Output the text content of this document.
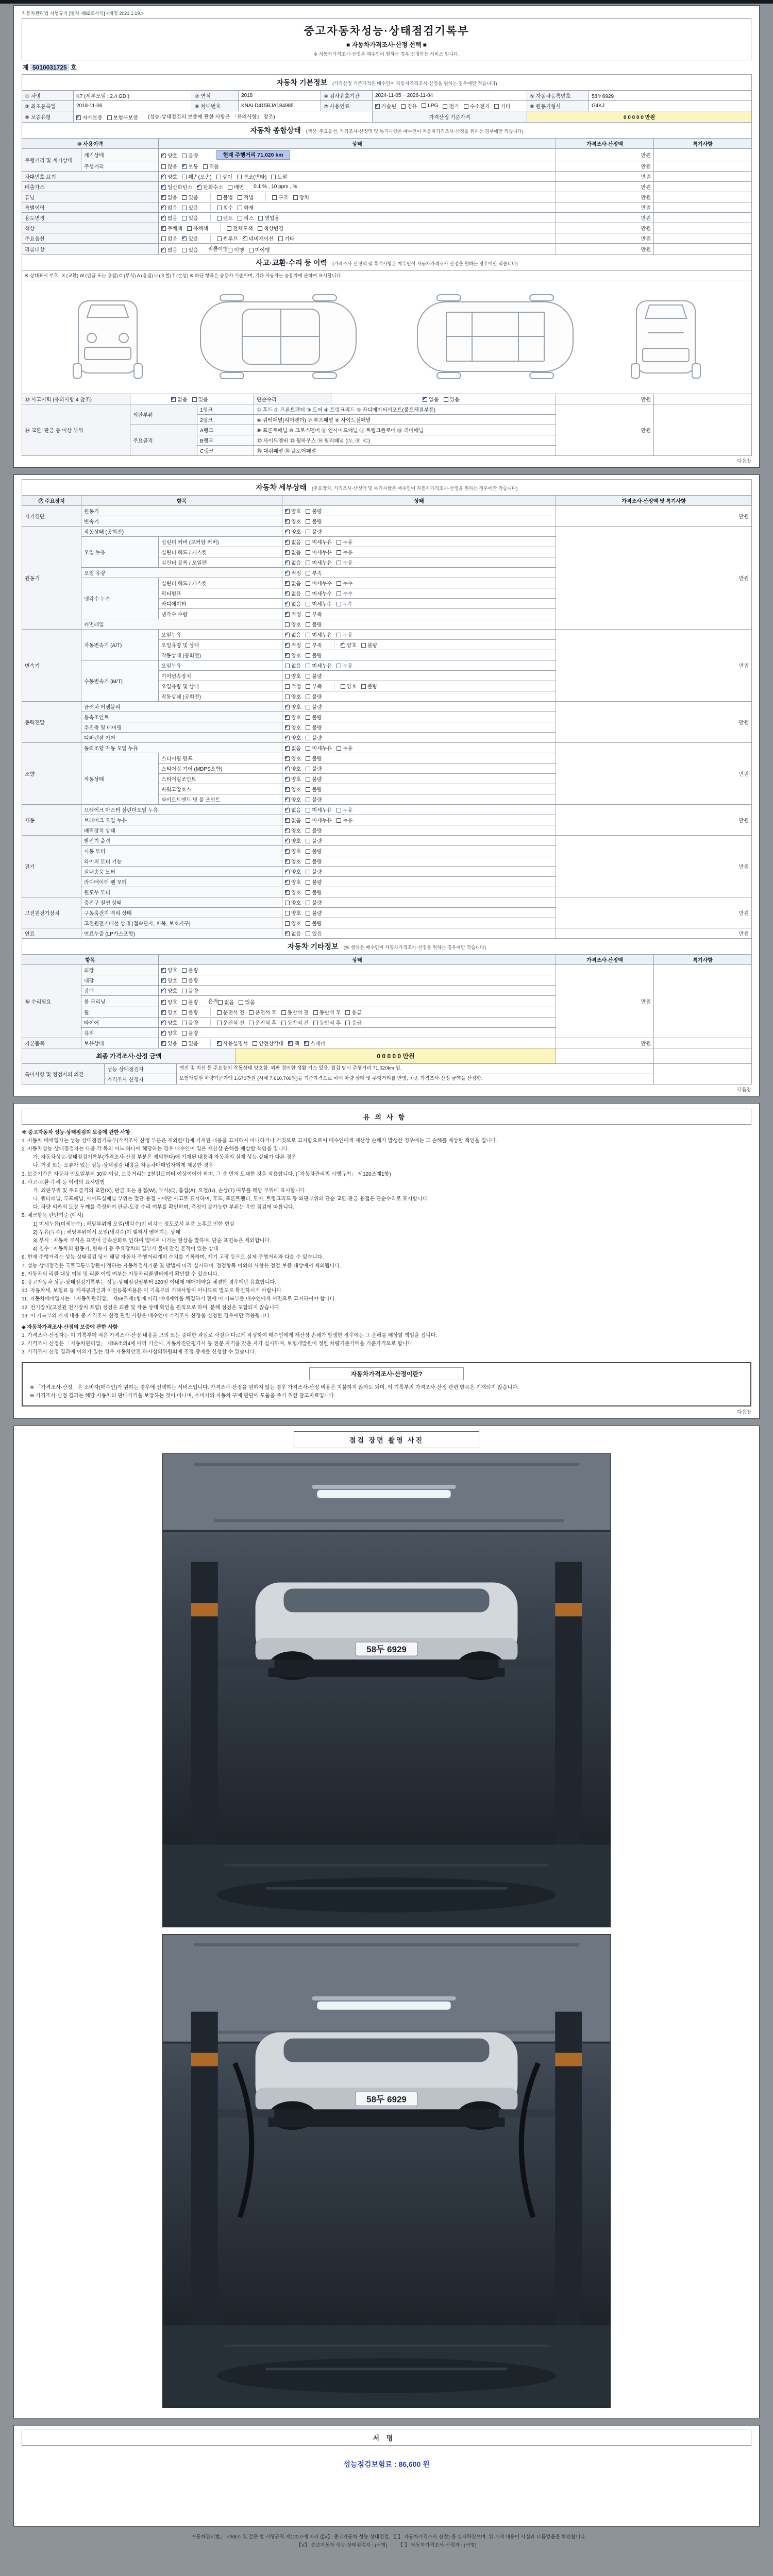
자동차관리법 시행규칙 [별지 제82호서식] <개정 2021.1.19.>
중고자동차성능·상태점검기록부
■ 자동차가격조사·산정 선택 ■
※ 자동차가격조사·산정은 매수인이 원하는 경우 신청하는 서비스 입니다.
제 5010031725 호
자동차 기본정보 (가격산정 기준가격은 매수인이 자동차가격조사·산정을 원하는 경우에만 적습니다)							
① 차명	K7 (세부모델 : 2.4 GDI)	② 연식	2018	④ 검사유효기간	2024-11-05 ~ 2026-11-04	⑤ 자동차등록번호	58두6929
③ 최초등록일	2018-11-06	⑥ 차대번호	KNALD415BJA184985	⑦ 사용연료	✔가솔린 경유 LPG 전기 수소전기 기타	⑧ 원동기형식	G4KJ
⑨ 보증유형	✔자가보증 보험사보증 (성능·상태점검의 보증에 관한 사항은 「유의사항」 참조)				가격산정 기준가격	0 0 0 0 0 만원	
자동차 종합상태 (색상, 주요옵션, 가격조사·산정액 및 특기사항은 매수인이 자동차가격조사·산정을 원하는 경우에만 적습니다)				
⑩ 사용이력		상태	가격조사·산정액	특기사항
주행거리 및 계기상태	계기상태	✔양호 불량 현재 주행거리 71,020 km	만원	
	주행거리	많음 ✔ 보통 적음	만원	
차대번호 표기	✔양호 훼손(오손) 상이 변조(변타) 도말	만원	
배출가스	✔일산화탄소 ✔ 탄화수소 매연 0.1 % , 10 ppm , %	만원	
튜닝	✔없음 있음 불법 적법 구조 장치	만원	
특별이력	✔없음 있음 침수 화재	만원	
용도변경	✔없음 있음 렌트 리스 영업용	만원	
색상	✔무채색 유채색 전체도색 색상변경	만원	
주요옵션		없음 ✔ 있음 썬루프 ✔ 네비게이션 기타	만원	
리콜대상	✔없음 있음 리콜이행 이행 미이행	만원	
사고·교환·수리 등 이력 (가격조사·산정액 및 특기사항은 매수인이 자동차가격조사·산정을 원하는 경우에만 적습니다)
※ 상태표시 부호 : X (교환) W (판금 또는 용접) C (부식) A (흠집) U (요철) T (손상) ※ 하단 항목은 승용차 기준이며, 기타 자동차는 승용차에 준하여 표시합니다.

⑬ 사고이력 (유의사항 4 참조)	✔없음 있음	단순수리	✔없음 있음	만원	
⑭ 교환, 판금 등 이상 부위	외판부위	1랭크	① 후드 ② 프론트펜더 ③ 도어 ④ 트렁크리드 ⑤ 라디에이터서포트(볼트체결부품)	만원	
		2랭크	⑥ 쿼터패널(리어펜더) ⑦ 루프패널 ⑧ 사이드실패널		
	주요골격	A랭크	⑨ 프론트패널 ⑩ 크로스멤버 ⑪ 인사이드패널 ⑰ 트렁크플로어 ⑱ 리어패널		
		B랭크	⑫ 사이드멤버 ⑬ 휠하우스 ⑭ 필러패널 (Ⓐ, Ⓑ, Ⓒ)		
		C랭크	⑮ 대쉬패널 ⑯ 플로어패널		
다음장
자동차 세부상태 (주요장치, 가격조사·산정액 및 특기사항은 매수인이 자동차가격조사·산정을 원하는 경우에만 적습니다)				
⑮ 주요장치	항목		상태	가격조사·산정액 및 특기사항
자기진단	원동기	✔양호 불량	만원
	변속기	✔양호 불량
원동기	작동상태 (공회전)	✔양호 불량	만원
	오일 누유	실린더 커버 (로커암 커버)	✔없음 미세누유 누유
		실린더 헤드 / 개스킷	✔없음 미세누유 누유
		실린더 블록 / 오일팬	✔없음 미세누유 누유
	오일 유량	✔적정 부족
	냉각수 누수	실린더 헤드 / 개스킷	✔없음 미세누수 누수
		워터펌프	✔없음 미세누수 누수
		라디에이터	✔없음 미세누수 누수
		냉각수 수량	✔적정 부족
	커먼레일		양호 불량	
변속기	자동변속기 (A/T)	오일누유	✔없음 미세누유 누유	만원
		오일유량 및 상태	✔적정 부족 ✔ 양호 불량
		작동상태 (공회전)	✔양호 불량
	수동변속기 (M/T)	오일누유	없음 미세누유 누유	
		기어변속장치	양호 불량	
		오일유량 및 상태	적정 부족 양호 불량	
		작동상태 (공회전)	양호 불량	
동력전달	클러치 어셈블리	✔양호 불량	만원
	등속조인트	✔양호 불량
	추진축 및 베어링	✔양호 불량
	디퍼렌셜 기어	✔양호 불량
조향	동력조향 작동 오일 누유	✔없음 미세누유 누유	만원
	작동상태	스티어링 펌프	✔양호 불량
		스티어링 기어 (MDPS포함)	✔양호 불량
		스티어링조인트	✔양호 불량
		파워고압호스	✔양호 불량
		타이로드엔드 및 볼 조인트	✔양호 불량
제동	브레이크 마스터 실린더오일 누유	✔없음 미세누유 누유	만원
	브레이크 오일 누유	✔없음 미세누유 누유
	배력장치 상태	✔양호 불량
전기	발전기 출력	✔양호 불량	만원
	시동 모터	✔양호 불량
	와이퍼 모터 기능	✔양호 불량
	실내송풍 모터	✔양호 불량
	라디에이터 팬 모터	✔양호 불량
	윈도우 모터	✔양호 불량
고전원전기장치	충전구 절연 상태		양호 불량	만원
	구동축전지 격리 상태		양호 불량	
	고전원전기배선 상태 (접속단자, 피복, 보호기구)		양호 불량	
연료	연료누출 (LP가스포함)	✔없음 있음	만원
자동차 기타정보 (⑯ 항목은 매수인이 자동차가격조사·산정을 원하는 경우에만 적습니다)				
항목		상태	가격조사·산정액	특기사항
⑯ 수리필요	외장	✔양호 불량	만원	
	내장	✔양호 불량
	광택	✔양호 불량
	룸 크리닝	✔양호 불량 흔적 없음 있음
	휠	✔양호 불량 운전석 전 운전석 후 동반석 전 동반석 후 응급
	타이어	✔양호 불량 운전석 전 운전석 후 동반석 전 동반석 후 응급
	유리	✔양호 불량
기본품목	보유상태	✔있음 없음 ✔ 사용설명서 안전삼각대 ✔ 잭 ✔ 스패너	만원	
최종 가격조사·산정 금액	0 0 0 0 0 만원		
특이사항 및 점검자의 의견	성능·상태점검자	엔진 및 미션 등 주요장치 작동상태 양호함. 외판 경미한 생활 기스 있음. 점검 당시 주행거리 71,020km 임.	
	가격조사·산정자	보험개발원 차량기준가액 1,670만원 (시세 7,610,700원)을 기준가격으로 하여 차량 상태 및 주행거리를 반영, 최종 가격조사·산정 금액을 산정함.	
다음장
유의사항
※ 중고자동차 성능·상태점검의 보증에 관한 사항
1. 자동차 매매업자는 성능·상태점검기록부(가격조사·산정 부분은 제외한다)에 기재된 내용을 고지하지 아니하거나 거짓으로 고지함으로써 매수인에게 재산상 손해가 발생한 경우에는 그 손해를 배상할 책임을 집니다.
2. 자동차성능·상태점검자는 다음 각 목의 어느 하나에 해당하는 경우 매수인이 입은 재산상 손해를 배상할 책임을 집니다.
가. 자동차성능·상태점검기록부(가격조사·산정 부분은 제외한다)에 기재된 내용과 자동차의 실제 성능·상태가 다른 경우
나. 거짓 또는 오류가 있는 성능·상태점검 내용을 자동차매매업자에게 제공한 경우
3. 보증기간은 자동차 인도일부터 30일 이상, 보증거리는 2천킬로미터 이상이어야 하며, 그 중 먼저 도래한 것을 적용합니다. (「자동차관리법 시행규칙」 제120조제1항)
4. 사고·교환·수리 등 이력의 표시방법
가. 외판부위 및 주요골격의 교환(X), 판금 또는 용접(W), 부식(C), 흠집(A), 요철(U), 손상(T) 여부를 해당 부위에 표시합니다.
나. 쿼터패널, 루프패널, 사이드실패널 부위는 절단·용접 시에만 사고로 표시하며, 후드, 프론트펜더, 도어, 트렁크리드 등 외판부위의 단순 교환·판금·용접은 단순수리로 표시합니다.
다. 차량 외판의 도장 두께를 측정하여 판금·도장 수리 여부를 확인하며, 측정이 불가능한 부위는 육안 점검에 따릅니다.
5. 체크항목 판단기준 (예시)
1) 미세누유(미세누수) : 해당부위에 오일(냉각수)이 비치는 정도로서 부품 노후로 인한 현상
2) 누유(누수) : 해당부위에서 오일(냉각수)이 맺혀서 떨어지는 상태
3) 부식 : 자동차 부식은 표면이 금속산화로 인하여 떨어져 나가는 현상을 말하며, 단순 표면녹은 제외합니다.
4) 침수 : 자동차의 원동기, 변속기 등 주요장치의 일부가 물에 잠긴 흔적이 있는 상태
6. 현재 주행거리는 성능·상태점검 당시 해당 자동차 주행거리계의 수치를 기록하며, 계기 고장 등으로 실제 주행거리와 다를 수 있습니다.
7. 성능·상태점검은 국토교통부장관이 정하는 자동차검사기준 및 방법에 따라 실시하며, 점검항목 이외의 사항은 점검·보증 대상에서 제외됩니다.
8. 자동차의 리콜 대상 여부 및 리콜 이행 여부는 자동차리콜센터에서 확인할 수 있습니다.
9. 중고자동차 성능·상태점검기록부는 성능·상태점검일부터 120일 이내에 매매계약을 체결한 경우에만 유효합니다.
10. 자동차세, 보험료 등 제세공과금과 이전등록비용은 이 기록부의 기재사항이 아니므로 별도로 확인하시기 바랍니다.
11. 자동차매매업자는 「자동차관리법」 제58조제1항에 따라 매매계약을 체결하기 전에 이 기록부를 매수인에게 서면으로 고지하여야 합니다.
12. 전기장치(고전원 전기장치 포함) 점검은 외관 및 작동 상태 확인을 원칙으로 하며, 분해 점검은 포함되지 않습니다.
13. 이 기록부의 기재 내용 중 가격조사·산정 관련 사항은 매수인이 가격조사·산정을 신청한 경우에만 적용됩니다.
◆ 자동차가격조사·산정의 보증에 관한 사항
1. 가격조사·산정자는 이 기록부에 적은 가격조사·산정 내용을 고의 또는 중대한 과실로 사실과 다르게 작성하여 매수인에게 재산상 손해가 발생한 경우에는 그 손해를 배상할 책임을 집니다.
2. 가격조사·산정은 「자동차관리법」 제58조의4에 따라 기술사, 자동차진단평가사 등 전문 자격을 갖춘 자가 실시하며, 보험개발원이 정한 차량기준가액을 기준가격으로 합니다.
3. 가격조사·산정 결과에 이의가 있는 경우 자동차안전·하자심의위원회에 조정·중재를 신청할 수 있습니다.
자동차가격조사·산정이란?
※ 「가격조사·산정」은 소비자(매수인)가 원하는 경우에 선택하는 서비스입니다. 가격조사·산정을 원하지 않는 경우 가격조사·산정 비용은 지불하지 않아도 되며, 이 기록부의 가격조사·산정 관련 항목은 기재되지 않습니다.
※ 가격조사·산정 결과는 해당 자동차의 판매가격을 보장하는 것이 아니며, 소비자의 자동차 구매 판단에 도움을 주기 위한 참고자료입니다.
다음장
점검 장면 촬영 사진
58두 6929
58두 6929
서명
성능점검보험료 : 86,600 원
「자동차관리법」 제58조 및 같은 법 시행규칙 제120조에 따라 (【V】 중고자동차 성능·상태점검, 【 】 자동차가격조사·산정) 을 실시하였으며, 위 기재 내용이 사실과 다름없음을 확인합니다.
【V】 중고자동차 성능·상태점검자 : (서명) 【 】 자동차가격조사·산정자 : (서명)
